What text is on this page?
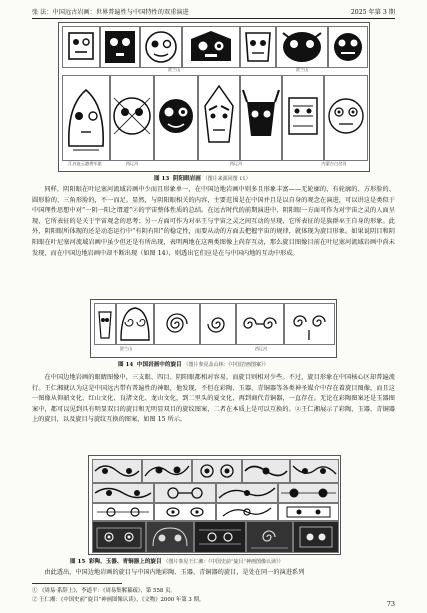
张 法：中国远古岩画：世界普遍性与中国特性的双重演进	2025 年第 3 期
贺兰山	贺兰山
江苏连云港将军崖	西辽河	西辽河	内蒙古白岔河
图 13 阴阳眼岩画 （图片来源同图 11）

同样，阴阳眼在叶尼塞河流域岩画中少而且形象单一，在中国边地岩画中则多且形象丰富——无轮廓的、有轮廓的、方形脸的、圆形脸的、三角形脸的，不一而足。显然，与阴阳眼相关的内容，主要范围是在中国并且是以自身的观念在演进，可以讲这是类似于中国理性思想中对“一阴一阳之谓道”②的宇宙整体性质的总结。在远古时代的前期演进中，阴阳眼一方面可作为对宇宙之灵的人面呈现，它所表征的是关于宇宙观念的思考；另一方面可作为对巫王与宇宙之灵之间互动的呈现，它所表征的是族群巫王自身的形象。此外，阴阳眼所体现的还是动态运行中“有阴有阳”的稳定性，而要从动的方面去把握宇宙的规律，就体现为旋目形象。如果说阴目和阴阳眼在叶尼塞河流域岩画中虽少但还是有所出现，表明两地在这两类图像上尚存互动，那么旋目图像目前在叶尼塞河流域岩画中尚未发现，而在中国边地岩画中却不断出现（如图 14），则透出它们应是在与中国内地的互动中形成。

贺兰山	西辽河
图 14 中国岩画中的旋目 （图片参见盖山林：《中国岩画图案》）

在中国边地岩画的眼睛图像中，三支眼、四目、阴阳眼都相对容易，而旋目则相对少些。不过，旋目形象在中国核心区却普遍流行。王仁湘就认为这是中国远古带有普遍性的神眼，他发现，不但在彩陶、玉器、青铜器等各类神圣媒介中存在着旋目图像，而且这一图像从仰韶文化、红山文化、良渚文化、龙山文化，到二里头的夏文化，再到商代青铜器，一直存在。无论在彩陶图案还是玉器图案中，都可以见到具有明显双目的旋目和无明显双目的旋纹图案，二者在本质上是可以互换的。②王仁湘展示了彩陶、玉器、青铜器上的旋目，以及旋目与旋纹互换的图案，如图 15 所示。

图 15 彩陶、玉器、青铜器上的旋目 （图片参见王仁湘：《中国史前“旋目”神画图像认读》）

由此透出，中国边地岩画的旋目与中国内地彩陶、玉器、青铜器的旋目，是处在同一的演进系列

① 《周易·系辞上》，李道平：《周易集解纂疏》，第 558 页。
② 王仁湘：《中国史前“旋目”神画图像认读》，《文物》2000 年第 3 期。	73
